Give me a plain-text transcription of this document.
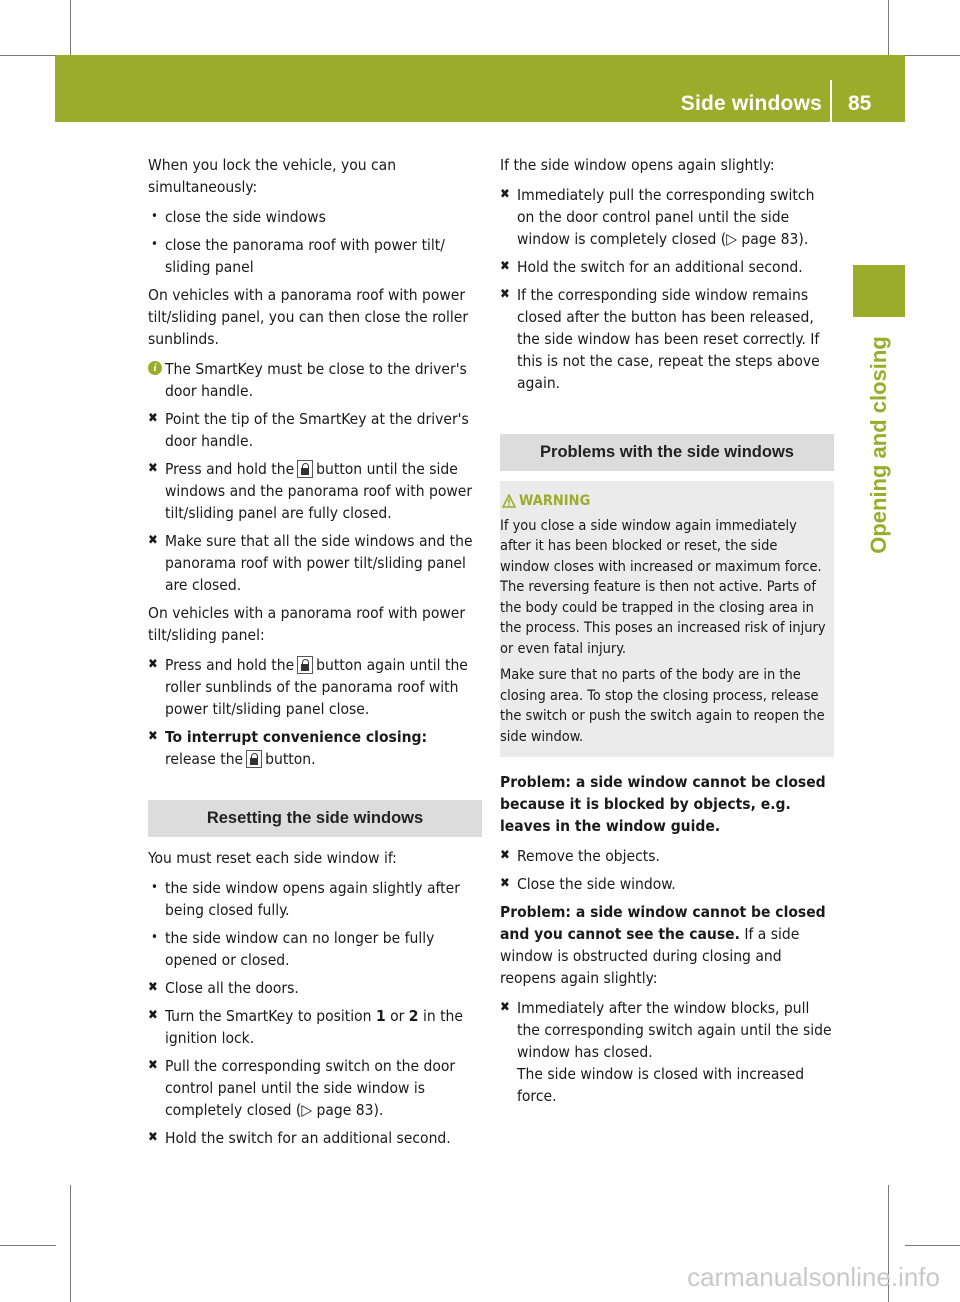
Side windows 85
Opening and closing

When you lock the vehicle, you can simultaneously:

• close the side windows
• close the panorama roof with power tilt/ sliding panel

On vehicles with a panorama roof with power tilt/sliding panel, you can then close the roller sunblinds.

i The SmartKey must be close to the driver's door handle.
✖ Point the tip of the SmartKey at the driver's door handle.
✖ Press and hold the button until the side windows and the panorama roof with power tilt/sliding panel are fully closed.
✖ Make sure that all the side windows and the panorama roof with power tilt/sliding panel are closed.

On vehicles with a panorama roof with power tilt/sliding panel:

✖ Press and hold the button again until the roller sunblinds of the panorama roof with power tilt/sliding panel close.
✖ To interrupt convenience closing:
release the button.
Resetting the side windows

You must reset each side window if:

• the side window opens again slightly after being closed fully.
• the side window can no longer be fully opened or closed.
✖ Close all the doors.
✖ Turn the SmartKey to position 1 or 2 in the ignition lock.
✖ Pull the corresponding switch on the door control panel until the side window is completely closed (▷ page 83).
✖ Hold the switch for an additional second.

If the side window opens again slightly:

✖ Immediately pull the corresponding switch on the door control panel until the side window is completely closed (▷ page 83).
✖ Hold the switch for an additional second.
✖ If the corresponding side window remains closed after the button has been released, the side window has been reset correctly. If this is not the case, repeat the steps above again.
Problems with the side windows
WARNING

If you close a side window again immediately after it has been blocked or reset, the side window closes with increased or maximum force. The reversing feature is then not active. Parts of the body could be trapped in the closing area in the process. This poses an increased risk of injury or even fatal injury.

Make sure that no parts of the body are in the closing area. To stop the closing process, release the switch or push the switch again to reopen the side window.

Problem: a side window cannot be closed because it is blocked by objects, e.g. leaves in the window guide.

✖ Remove the objects.
✖ Close the side window.

Problem: a side window cannot be closed and you cannot see the cause. If a side window is obstructed during closing and reopens again slightly:

✖ Immediately after the window blocks, pull the corresponding switch again until the side window has closed.
The side window is closed with increased force.
carmanualsonline.info
